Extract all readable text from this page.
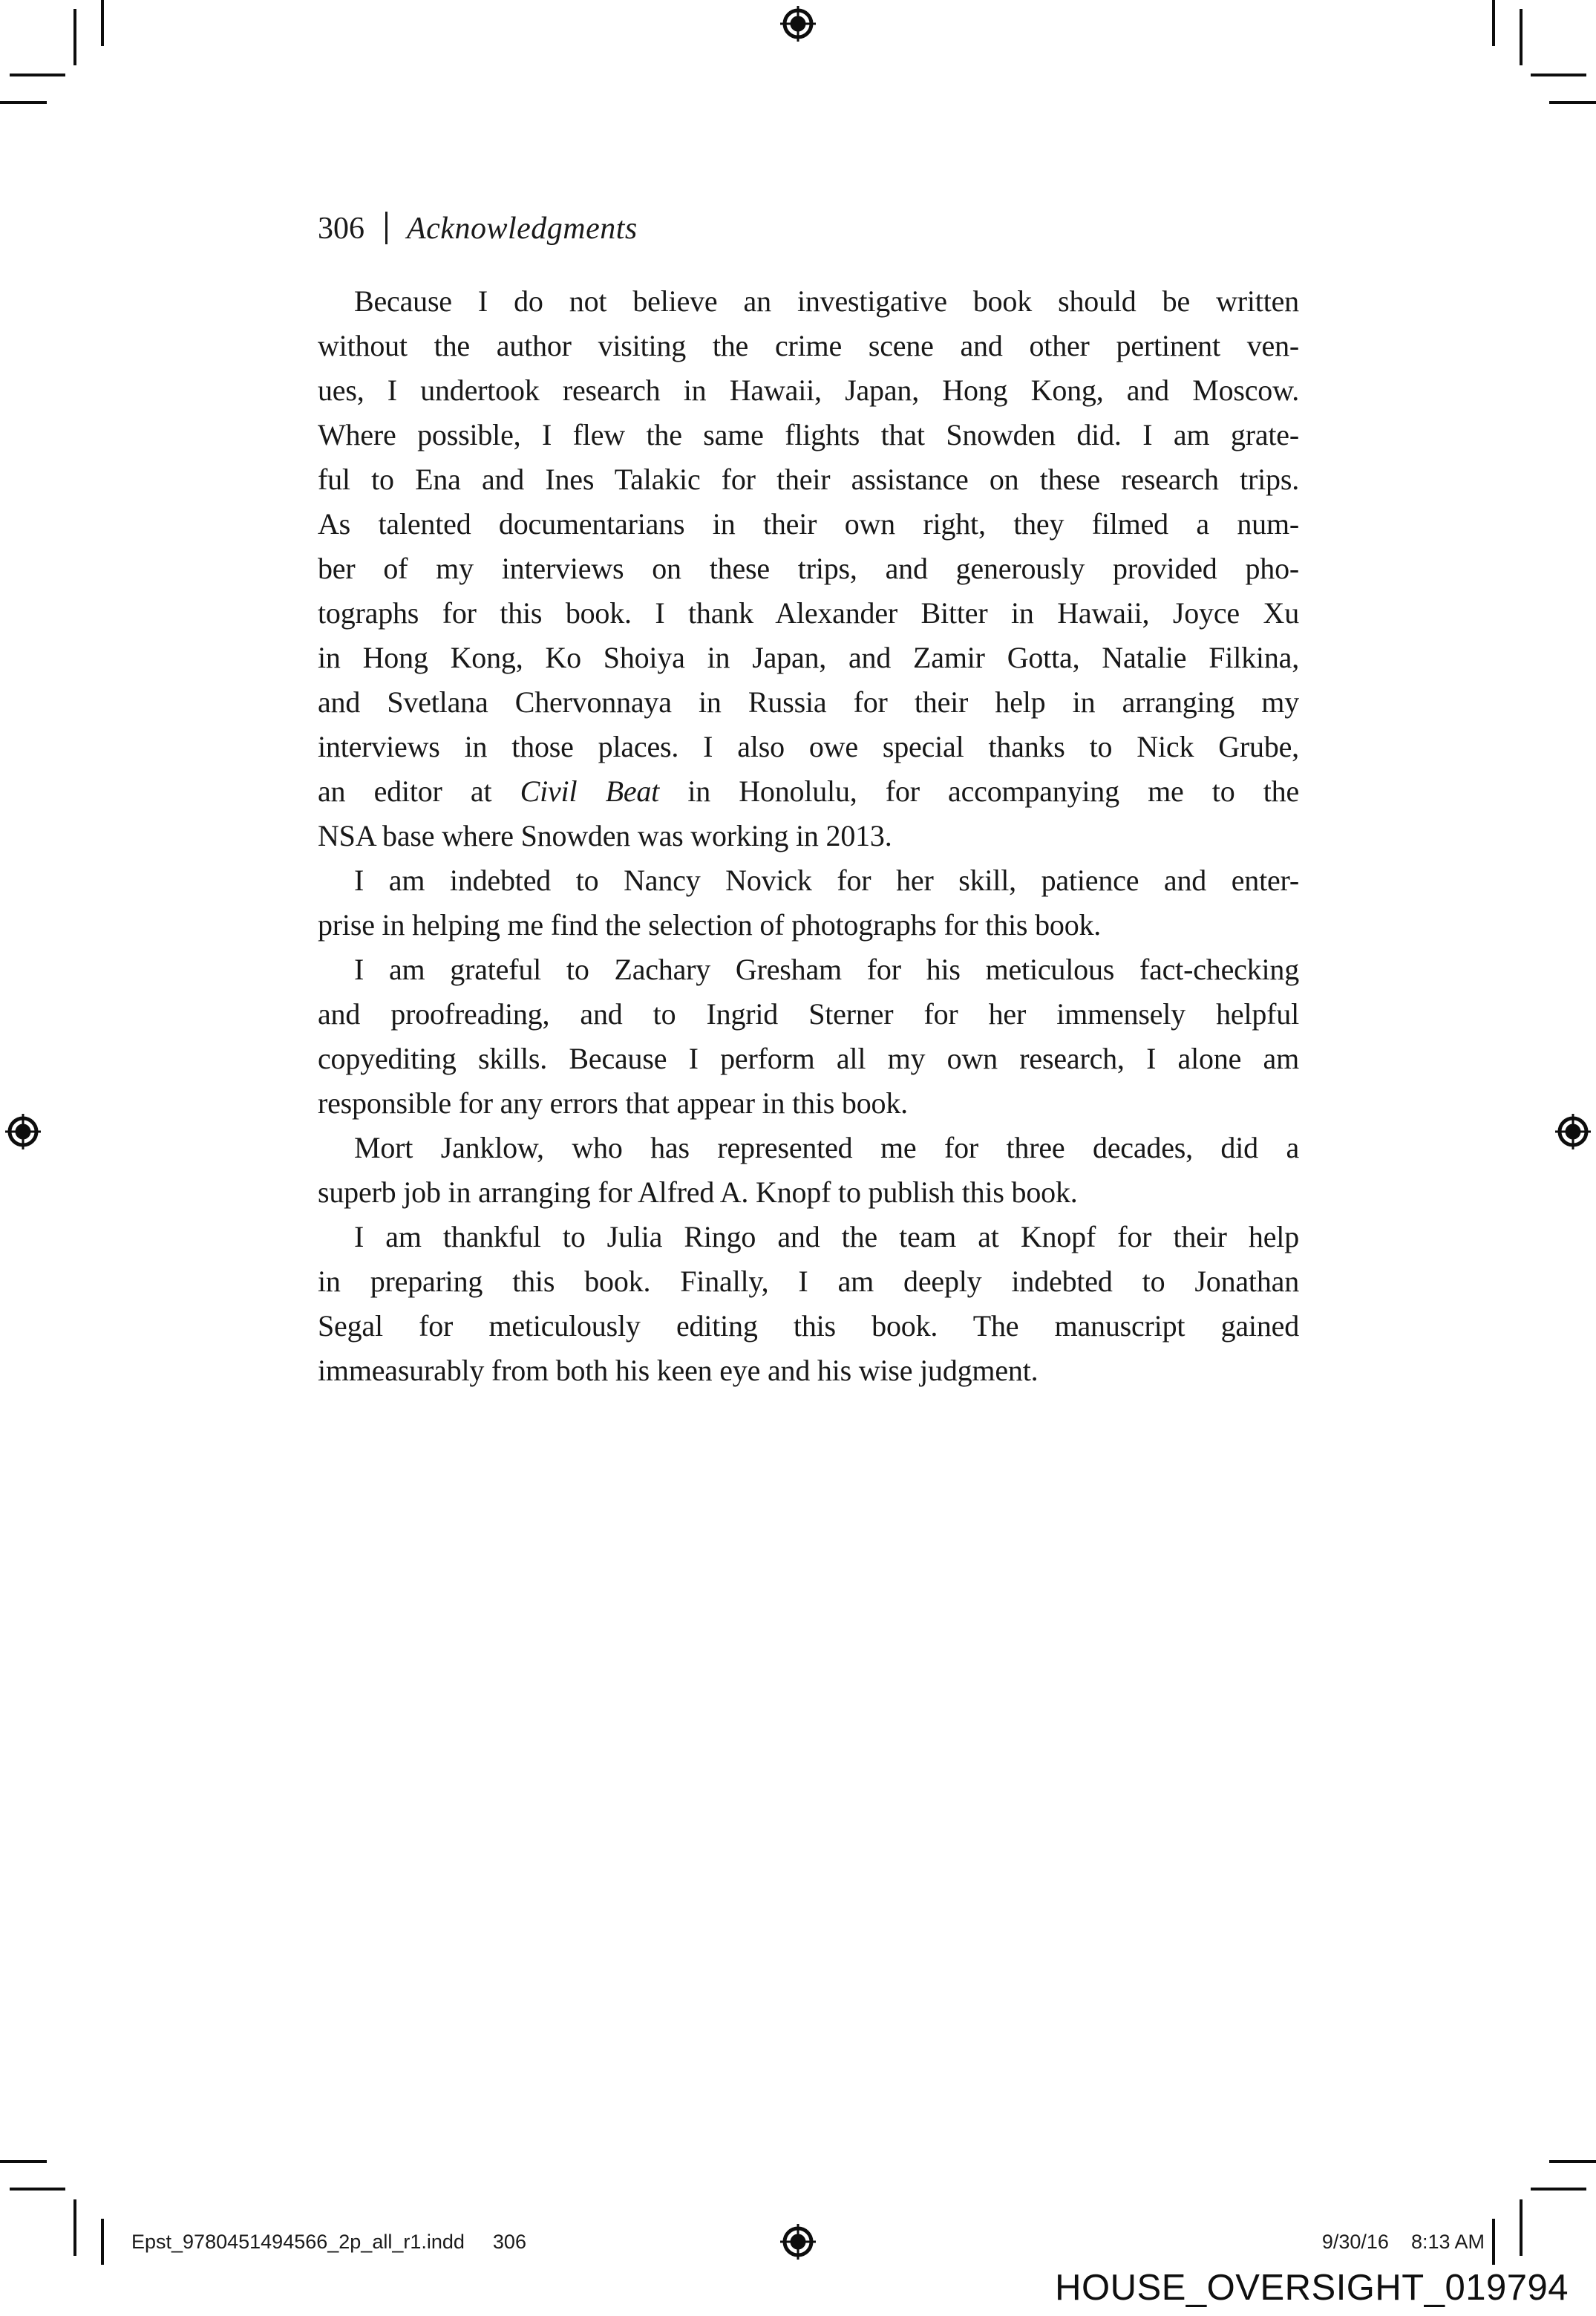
306 Acknowledgments
Because I do not believe an investigative book should be written
without the author visiting the crime scene and other pertinent ven-
ues, I undertook research in Hawaii, Japan, Hong Kong, and Moscow.
Where possible, I flew the same flights that Snowden did. I am grate-
ful to Ena and Ines Talakic for their assistance on these research trips.
As talented documentarians in their own right, they filmed a num-
ber of my interviews on these trips, and generously provided pho-
tographs for this book. I thank Alexander Bitter in Hawaii, Joyce Xu
in Hong Kong, Ko Shoiya in Japan, and Zamir Gotta, Natalie Filkina,
and Svetlana Chervonnaya in Russia for their help in arranging my
interviews in those places. I also owe special thanks to Nick Grube,
an editor at Civil Beat in Honolulu, for accompanying me to the
NSA base where Snowden was working in 2013.
I am indebted to Nancy Novick for her skill, patience and enter-
prise in helping me find the selection of photographs for this book.
I am grateful to Zachary Gresham for his meticulous fact-checking
and proofreading, and to Ingrid Sterner for her immensely helpful
copyediting skills. Because I perform all my own research, I alone am
responsible for any errors that appear in this book.
Mort Janklow, who has represented me for three decades, did a
superb job in arranging for Alfred A. Knopf to publish this book.
I am thankful to Julia Ringo and the team at Knopf for their help
in preparing this book. Finally, I am deeply indebted to Jonathan
Segal for meticulously editing this book. The manuscript gained
immeasurably from both his keen eye and his wise judgment.
Epst_9780451494566_2p_all_r1.indd 306	9/30/16 8:13 AM
HOUSE_OVERSIGHT_019794
